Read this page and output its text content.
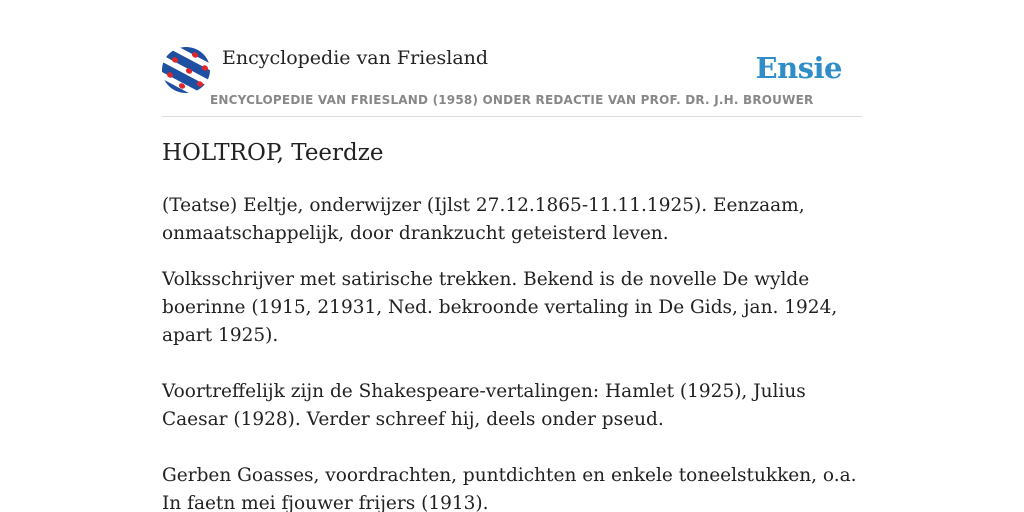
Encyclopedie van Friesland
ENCYCLOPEDIE VAN FRIESLAND (1958) ONDER REDACTIE VAN PROF. DR. J.H. BROUWER
Ensie
HOLTROP, Teerdze

(Teatse) Eeltje, onderwijzer (Ijlst 27.12.1865-11.11.1925). Eenzaam, onmaatschappelijk, door drankzucht geteisterd leven.

Volksschrijver met satirische trekken. Bekend is de novelle De wylde boerinne (1915, 21931, Ned. bekroonde vertaling in De Gids, jan. 1924, apart 1925).

Voortreffelijk zijn de Shakespeare-vertalingen: Hamlet (1925), Julius Caesar (1928). Verder schreef hij, deels onder pseud.

Gerben Goasses, voordrachten, puntdichten en enkele toneelstukken, o.a. In faetn mei fjouwer frijers (1913).
